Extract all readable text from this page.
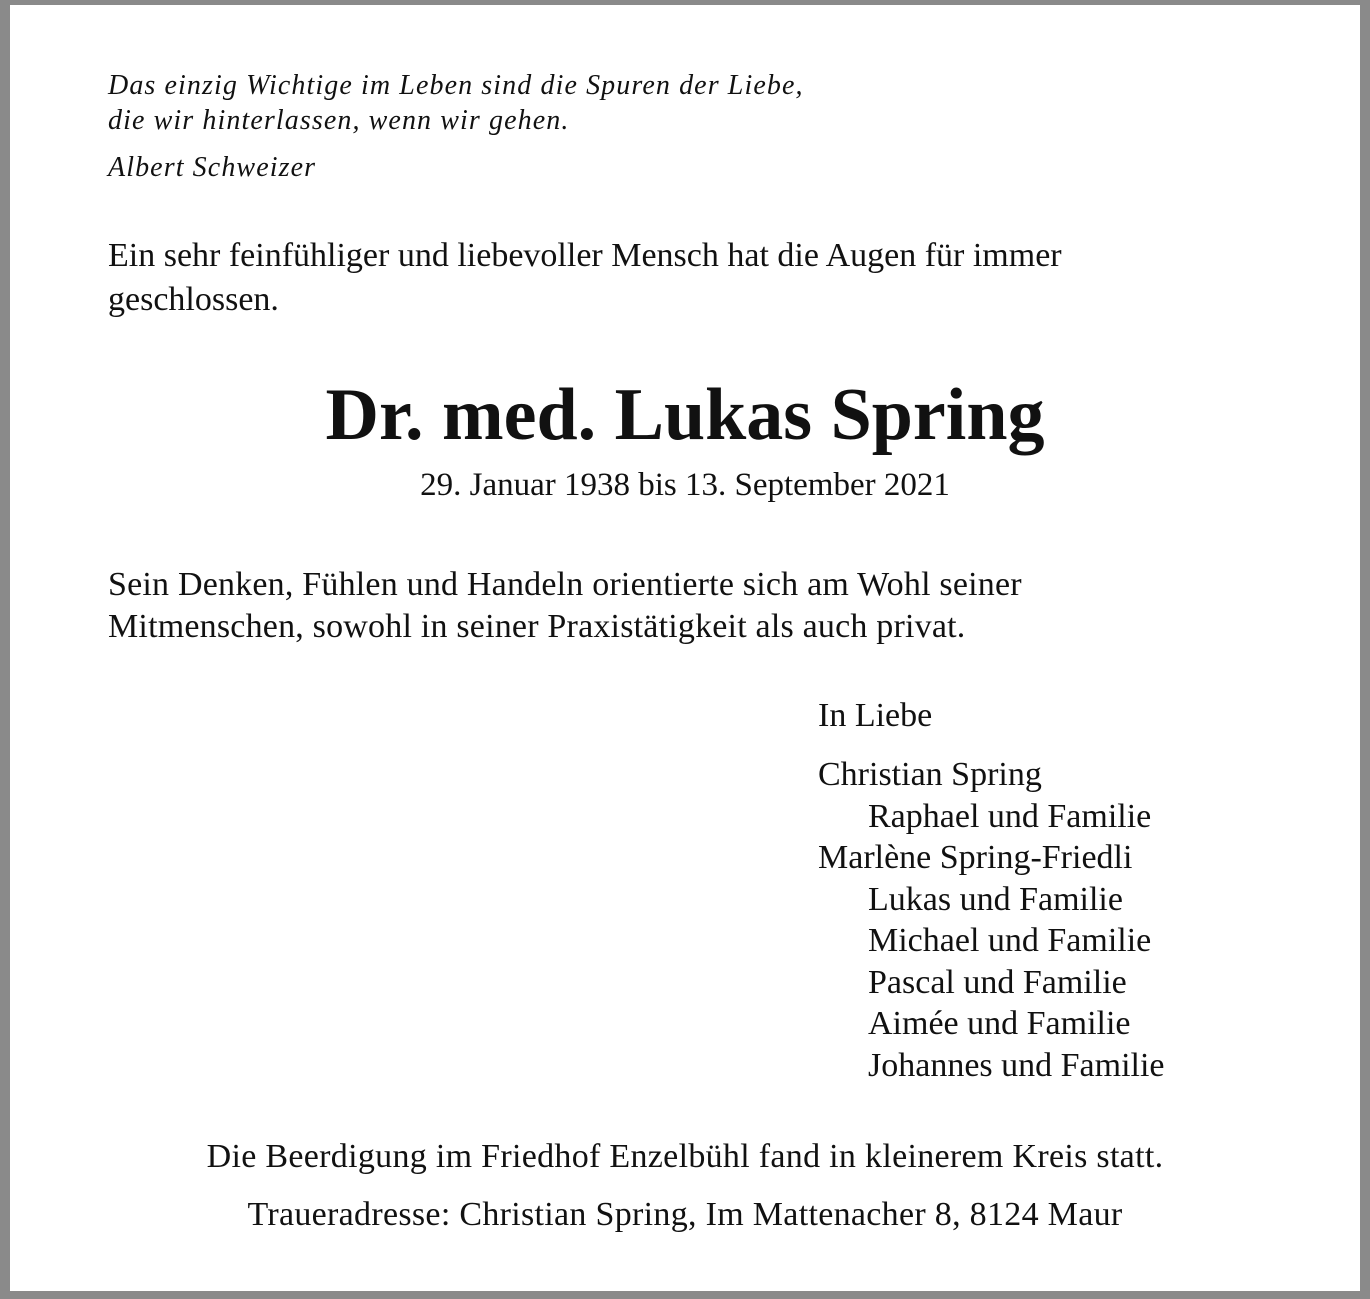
Das einzig Wichtige im Leben sind die Spuren der Liebe,
die wir hinterlassen, wenn wir gehen.
Albert Schweizer
Ein sehr feinfühliger und liebevoller Mensch hat die Augen für immer
geschlossen.
Dr. med. Lukas Spring
29. Januar 1938 bis 13. September 2021
Sein Denken, Fühlen und Handeln orientierte sich am Wohl seiner
Mitmenschen, sowohl in seiner Praxistätigkeit als auch privat.
In Liebe
Christian Spring
Raphael und Familie
Marlène Spring-Friedli
Lukas und Familie
Michael und Familie
Pascal und Familie
Aimée und Familie
Johannes und Familie
Die Beerdigung im Friedhof Enzelbühl fand in kleinerem Kreis statt.
Traueradresse: Christian Spring, Im Mattenacher 8, 8124 Maur
